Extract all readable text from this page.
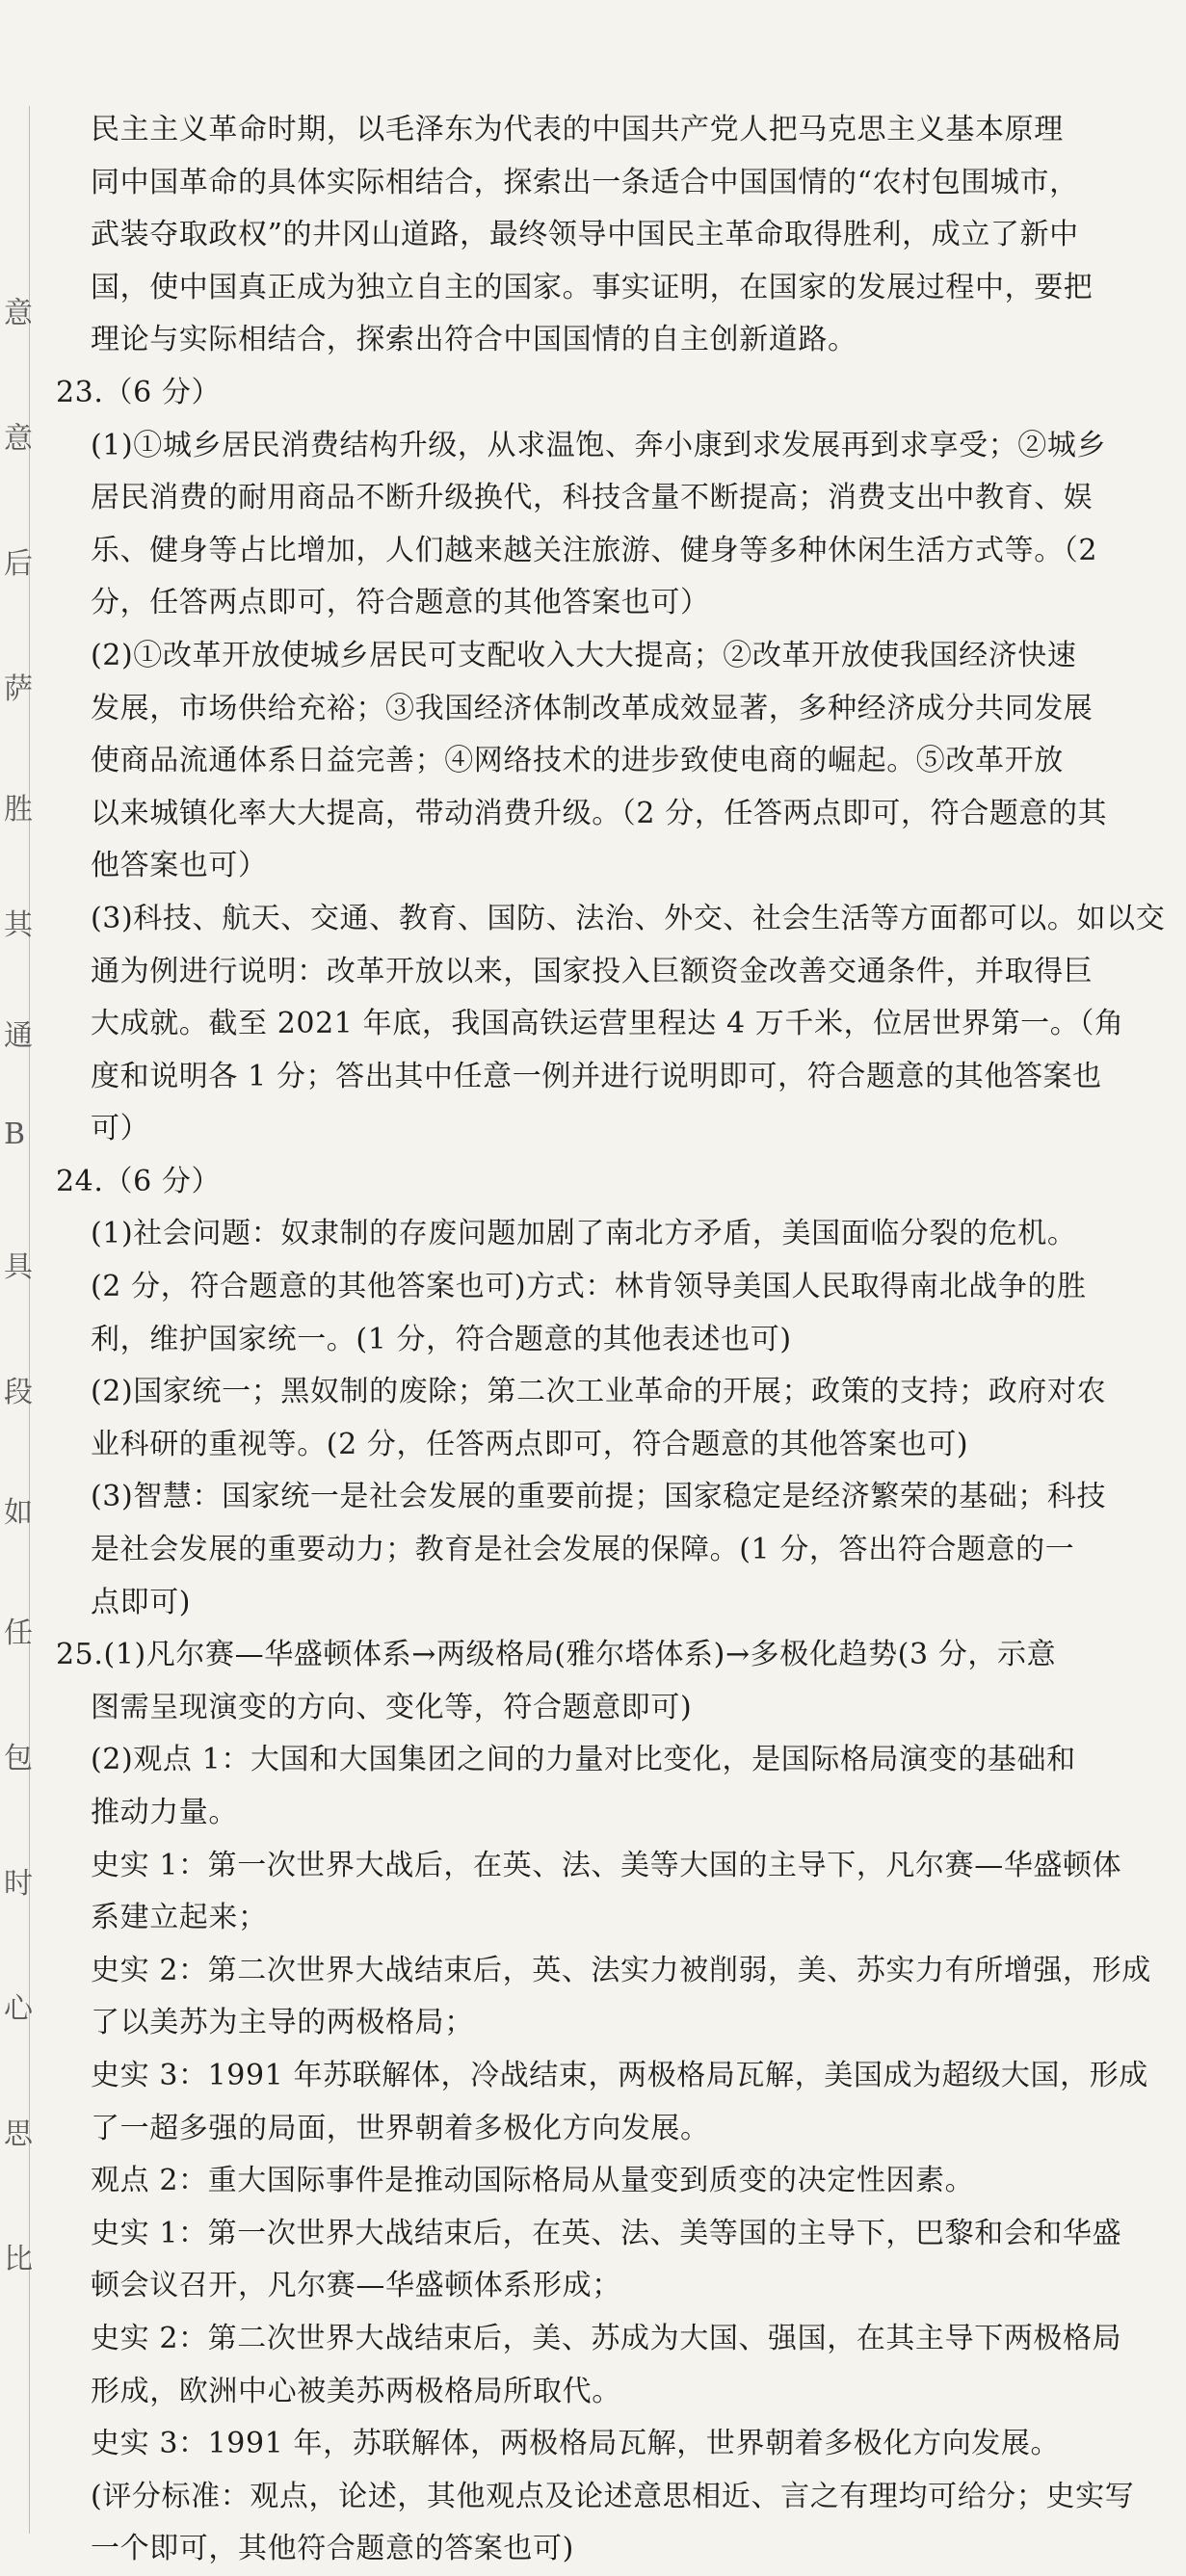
意
意
后
萨
胜
其
通
B
具
段
如
任
包
时
心
思
比
民主主义革命时期，以毛泽东为代表的中国共产党人把马克思主义基本原理
同中国革命的具体实际相结合，探索出一条适合中国国情的“农村包围城市，
武装夺取政权”的井冈山道路，最终领导中国民主革命取得胜利，成立了新中
国，使中国真正成为独立自主的国家。事实证明，在国家的发展过程中，要把
理论与实际相结合，探索出符合中国国情的自主创新道路。
23.（6 分）
(1)①城乡居民消费结构升级，从求温饱、奔小康到求发展再到求享受；②城乡
居民消费的耐用商品不断升级换代，科技含量不断提高；消费支出中教育、娱
乐、健身等占比增加，人们越来越关注旅游、健身等多种休闲生活方式等。（2
分，任答两点即可，符合题意的其他答案也可）
(2)①改革开放使城乡居民可支配收入大大提高；②改革开放使我国经济快速
发展，市场供给充裕；③我国经济体制改革成效显著，多种经济成分共同发展
使商品流通体系日益完善；④网络技术的进步致使电商的崛起。⑤改革开放
以来城镇化率大大提高，带动消费升级。（2 分，任答两点即可，符合题意的其
他答案也可）
(3)科技、航天、交通、教育、国防、法治、外交、社会生活等方面都可以。如以交
通为例进行说明：改革开放以来，国家投入巨额资金改善交通条件，并取得巨
大成就。截至 2021 年底，我国高铁运营里程达 4 万千米，位居世界第一。（角
度和说明各 1 分；答出其中任意一例并进行说明即可，符合题意的其他答案也
可）
24.（6 分）
(1)社会问题：奴隶制的存废问题加剧了南北方矛盾，美国面临分裂的危机。
(2 分，符合题意的其他答案也可)方式：林肯领导美国人民取得南北战争的胜
利，维护国家统一。(1 分，符合题意的其他表述也可)
(2)国家统一；黑奴制的废除；第二次工业革命的开展；政策的支持；政府对农
业科研的重视等。(2 分，任答两点即可，符合题意的其他答案也可)
(3)智慧：国家统一是社会发展的重要前提；国家稳定是经济繁荣的基础；科技
是社会发展的重要动力；教育是社会发展的保障。(1 分，答出符合题意的一
点即可)
25.(1)凡尔赛—华盛顿体系→两级格局(雅尔塔体系)→多极化趋势(3 分，示意
图需呈现演变的方向、变化等，符合题意即可)
(2)观点 1：大国和大国集团之间的力量对比变化，是国际格局演变的基础和
推动力量。
史实 1：第一次世界大战后，在英、法、美等大国的主导下，凡尔赛—华盛顿体
系建立起来；
史实 2：第二次世界大战结束后，英、法实力被削弱，美、苏实力有所增强，形成
了以美苏为主导的两极格局；
史实 3：1991 年苏联解体，冷战结束，两极格局瓦解，美国成为超级大国，形成
了一超多强的局面，世界朝着多极化方向发展。
观点 2：重大国际事件是推动国际格局从量变到质变的决定性因素。
史实 1：第一次世界大战结束后，在英、法、美等国的主导下，巴黎和会和华盛
顿会议召开，凡尔赛—华盛顿体系形成；
史实 2：第二次世界大战结束后，美、苏成为大国、强国，在其主导下两极格局
形成，欧洲中心被美苏两极格局所取代。
史实 3：1991 年，苏联解体，两极格局瓦解，世界朝着多极化方向发展。
(评分标准：观点，论述，其他观点及论述意思相近、言之有理均可给分；史实写
一个即可，其他符合题意的答案也可)
